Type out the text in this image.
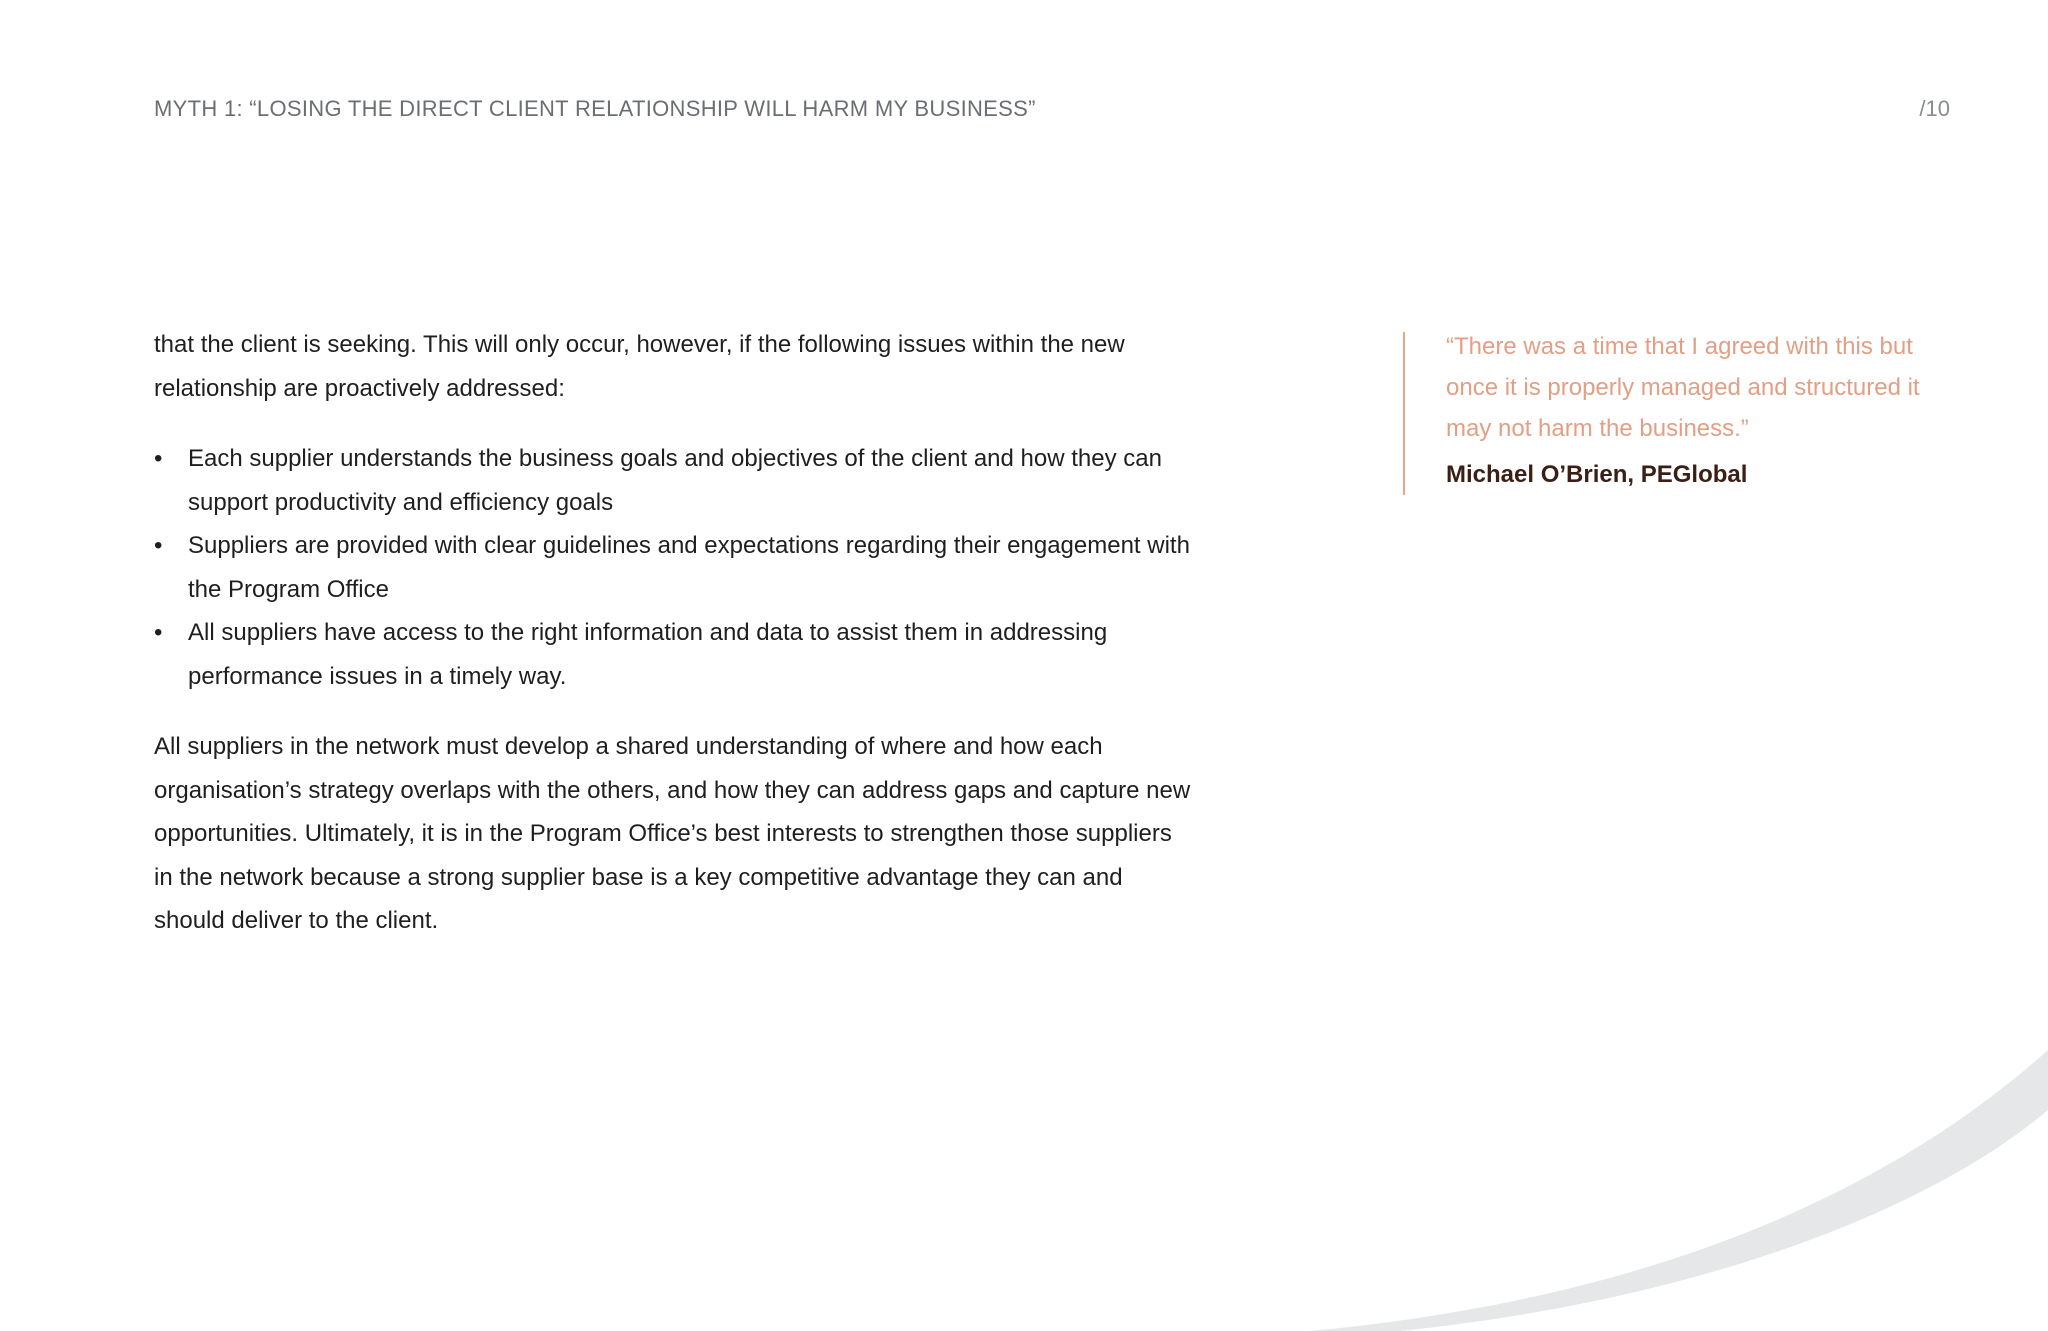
MYTH 1: “LOSING THE DIRECT CLIENT RELATIONSHIP WILL HARM MY BUSINESS”	/10

that the client is seeking. This will only occur, however, if the following issues within the new relationship are proactively addressed:

• Each supplier understands the business goals and objectives of the client and how they can support productivity and efficiency goals
• Suppliers are provided with clear guidelines and expectations regarding their engagement with the Program Office
• All suppliers have access to the right information and data to assist them in addressing performance issues in a timely way.

All suppliers in the network must develop a shared understanding of where and how each organisation’s strategy overlaps with the others, and how they can address gaps and capture new opportunities. Ultimately, it is in the Program Office’s best interests to strengthen those suppliers in the network because a strong supplier base is a key competitive advantage they can and should deliver to the client.

“There was a time that I agreed with this but once it is properly managed and structured it may not harm the business.”

Michael O’Brien, PEGlobal
